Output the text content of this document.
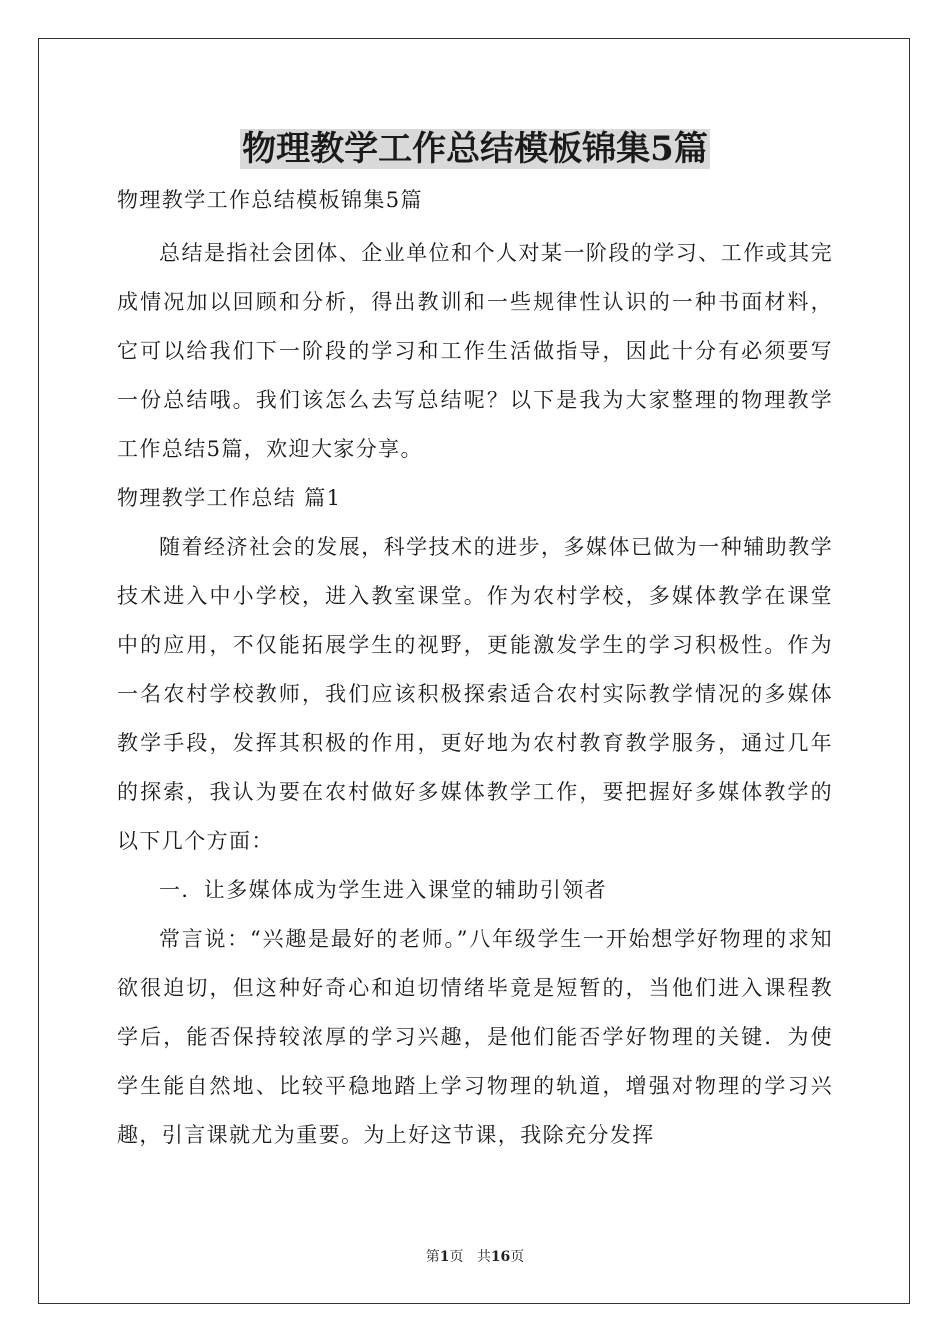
物理教学工作总结模板锦集5篇

物理教学工作总结模板锦集5篇

总结是指社会团体、企业单位和个人对某一阶段的学习、工作或其完成情况加以回顾和分析，得出教训和一些规律性认识的一种书面材料，它可以给我们下一阶段的学习和工作生活做指导，因此十分有必须要写一份总结哦。我们该怎么去写总结呢？以下是我为大家整理的物理教学工作总结5篇，欢迎大家分享。

物理教学工作总结 篇1

随着经济社会的发展，科学技术的进步，多媒体已做为一种辅助教学技术进入中小学校，进入教室课堂。作为农村学校，多媒体教学在课堂中的应用，不仅能拓展学生的视野，更能激发学生的学习积极性。作为一名农村学校教师，我们应该积极探索适合农村实际教学情况的多媒体教学手段，发挥其积极的作用，更好地为农村教育教学服务，通过几年的探索，我认为要在农村做好多媒体教学工作，要把握好多媒体教学的以下几个方面：

一．让多媒体成为学生进入课堂的辅助引领者

常言说：“兴趣是最好的老师。”八年级学生一开始想学好物理的求知欲很迫切，但这种好奇心和迫切情绪毕竟是短暂的，当他们进入课程教学后，能否保持较浓厚的学习兴趣，是他们能否学好物理的关键．为使学生能自然地、比较平稳地踏上学习物理的轨道，增强对物理的学习兴趣，引言课就尤为重要。为上好这节课，我除充分发挥

第1页 共16页
